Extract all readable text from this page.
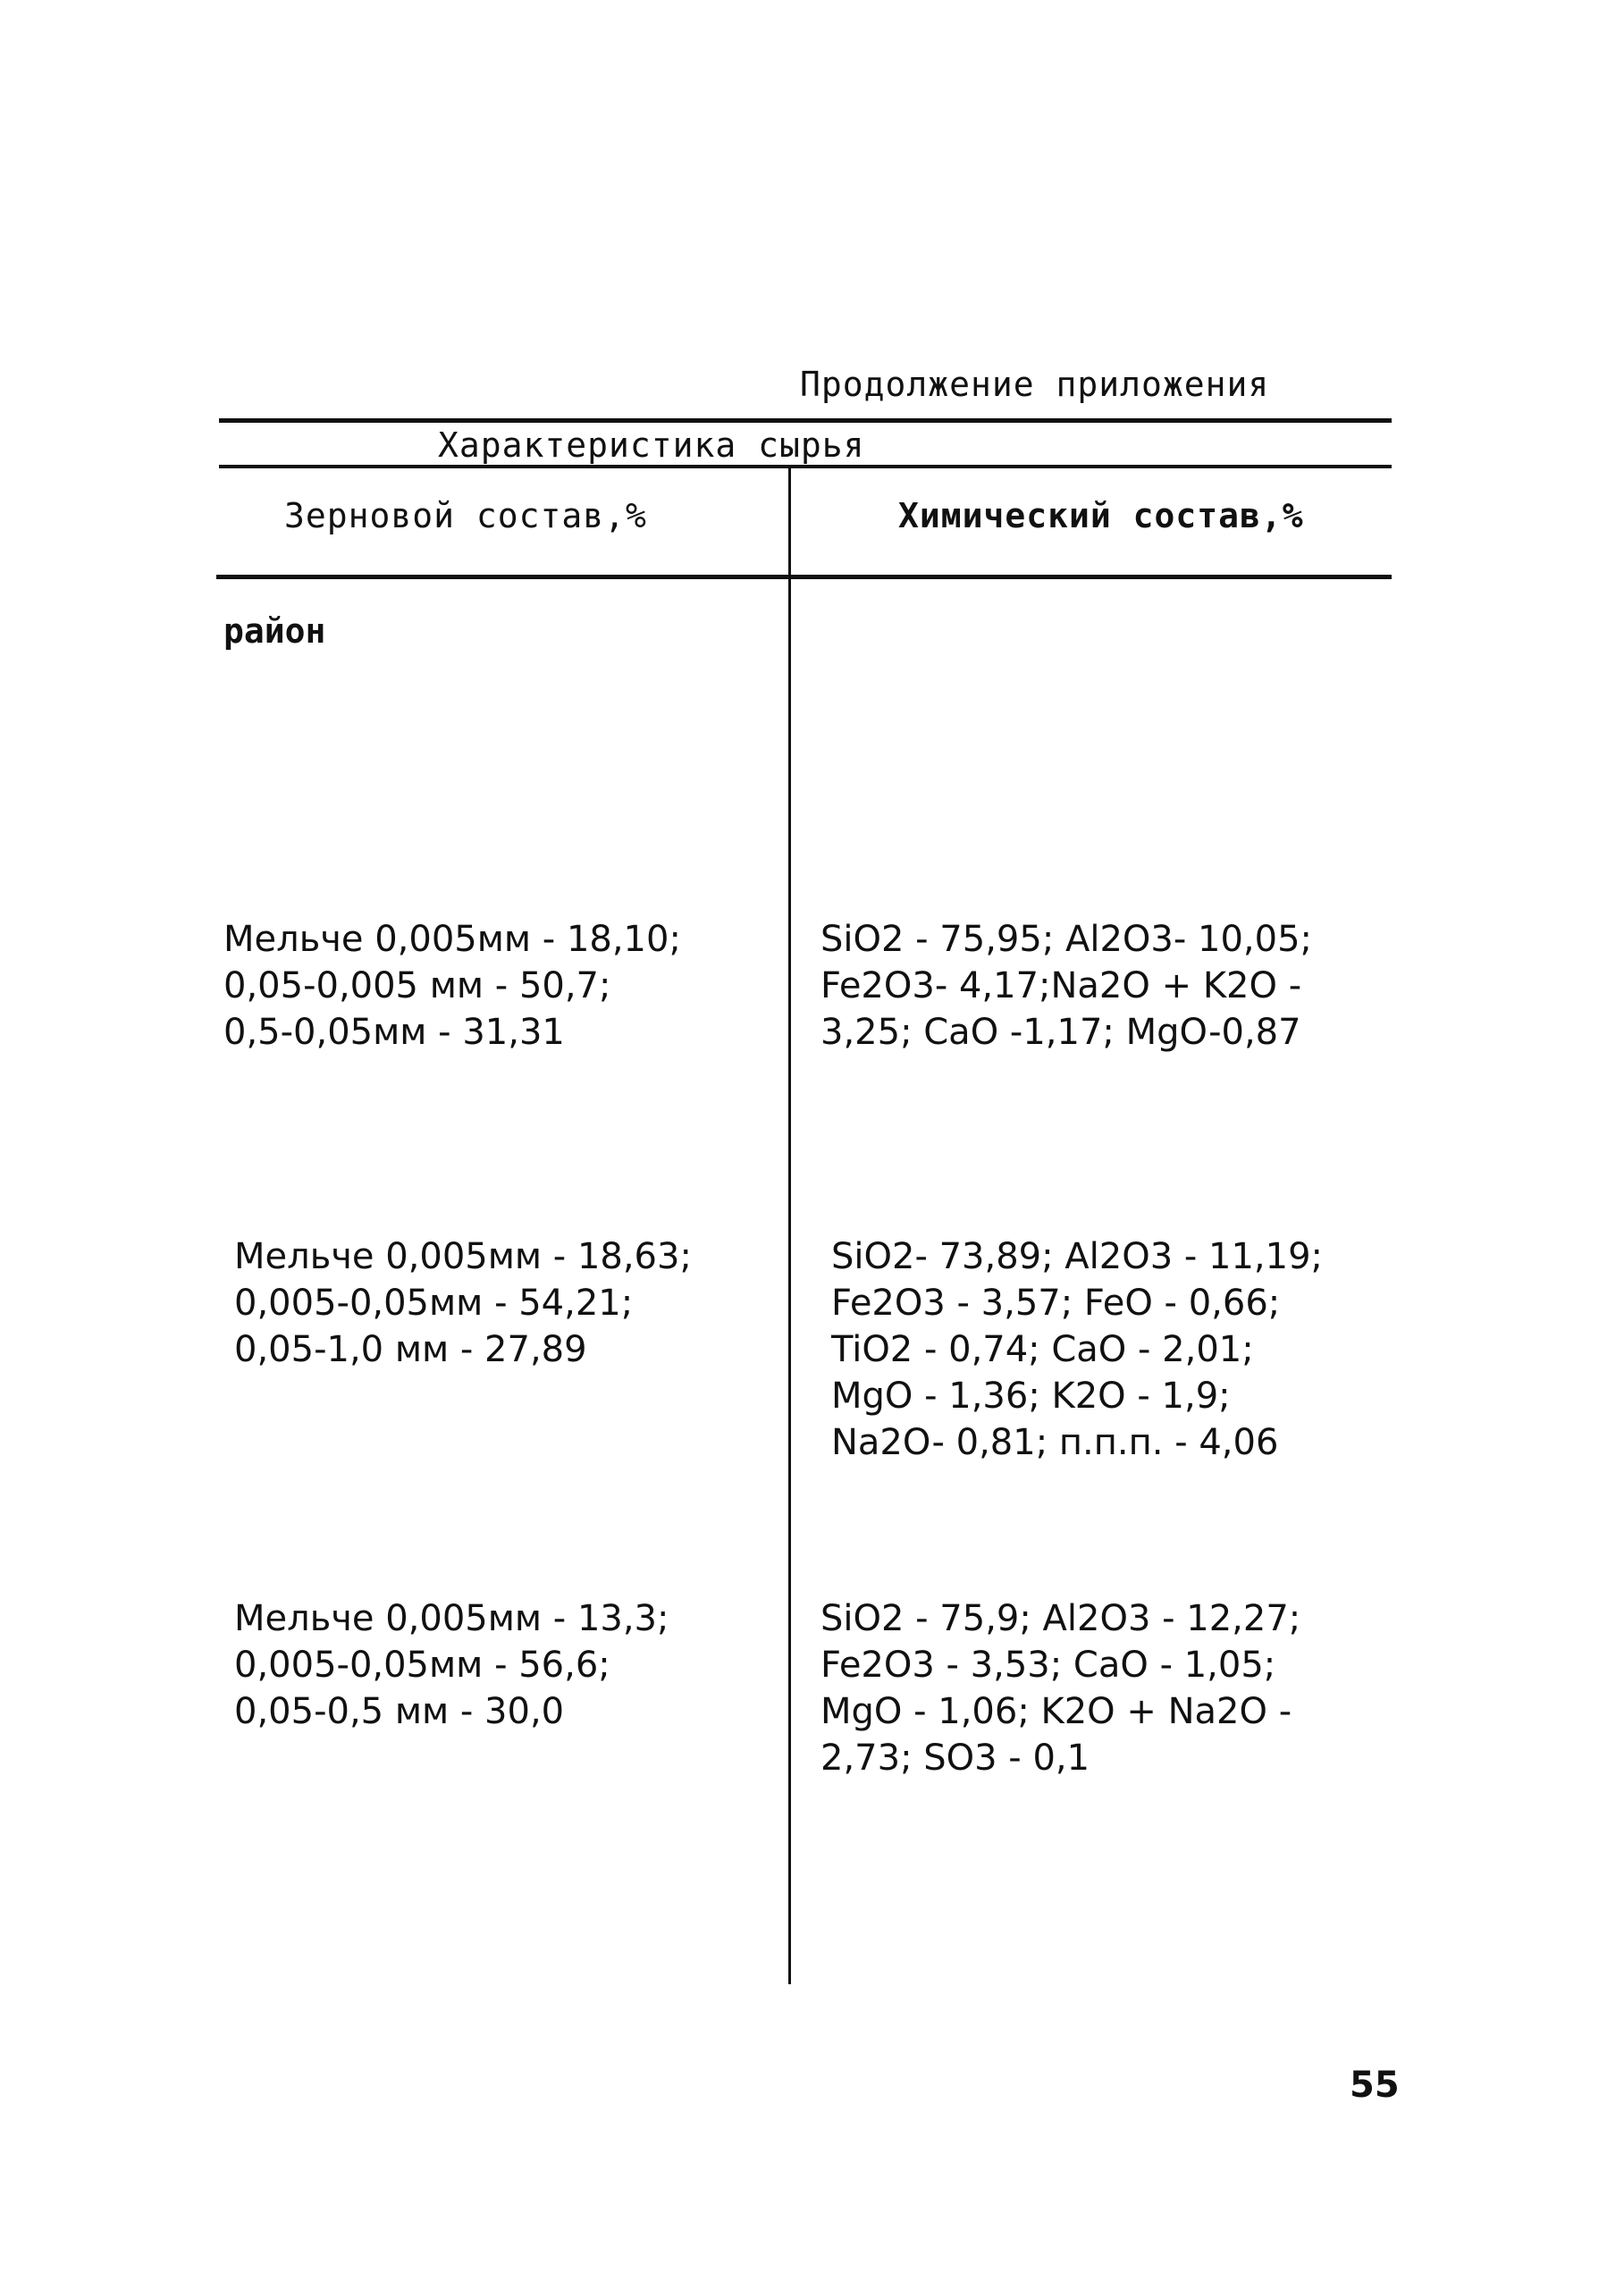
Продолжение приложения
Характеристика сырья
Зерновой состав,%	Химический состав,%
район
Мельче 0,005мм - 18,10;
0,05-0,005 мм - 50,7;
0,5-0,05мм - 31,31
SiO2 - 75,95; Al2O3- 10,05;
Fe2O3- 4,17;Na2O + K2O -
3,25; CaO -1,17; MgO-0,87
Мельче 0,005мм - 18,63;
0,005-0,05мм - 54,21;
0,05-1,0 мм - 27,89
SiO2- 73,89; Al2O3 - 11,19;
Fe2O3 - 3,57; FeO - 0,66;
TiO2 - 0,74; CaO - 2,01;
MgO - 1,36; K2O - 1,9;
Na2O- 0,81; п.п.п. - 4,06
Мельче 0,005мм - 13,3;
0,005-0,05мм - 56,6;
0,05-0,5 мм - 30,0
SiO2 - 75,9; Al2O3 - 12,27;
Fe2O3 - 3,53; CaO - 1,05;
MgO - 1,06; K2O + Na2O -
2,73; SO3 - 0,1
55
